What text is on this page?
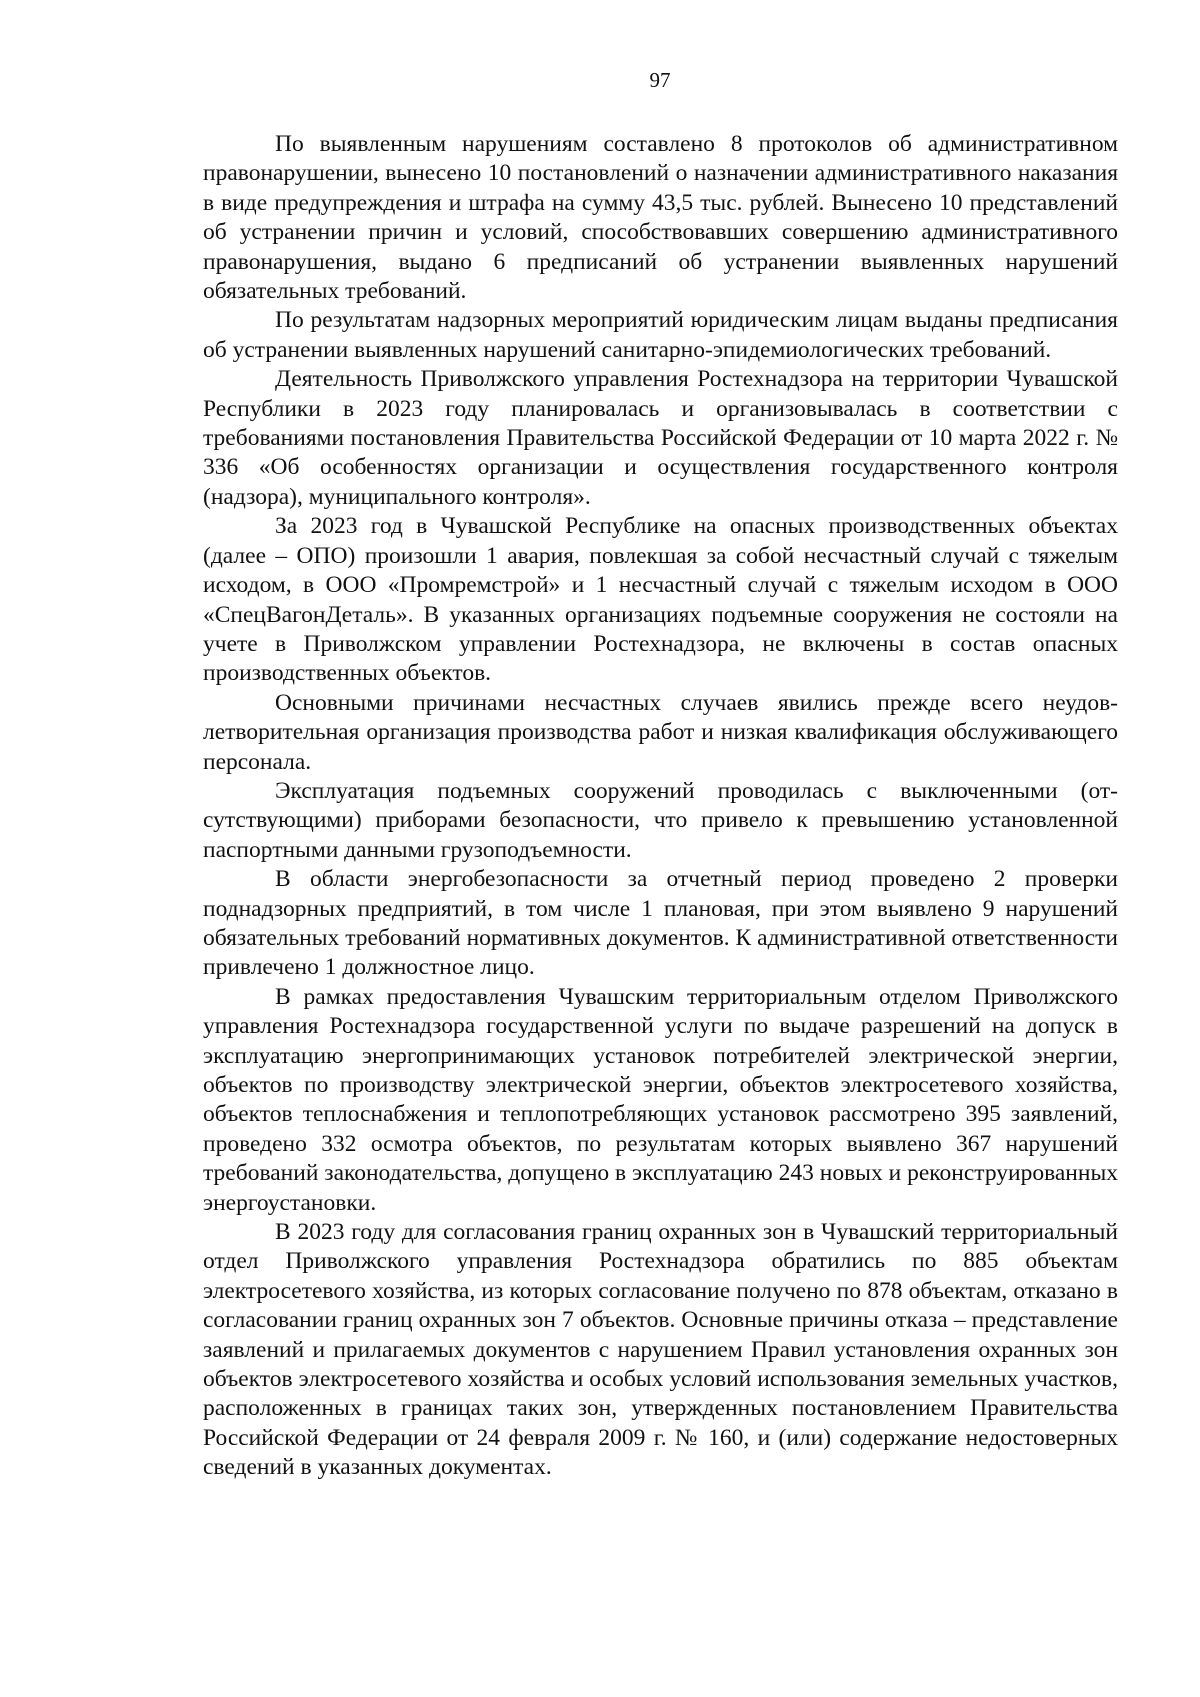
97

По выявленным нарушениям составлено 8 протоколов об административном правонарушении, вынесено 10 постановлений о назначении административного наказания в виде предупреждения и штрафа на сумму 43,5 тыс. рублей. Вынесено 10 представлений об устранении причин и условий, способствовавших совершению административного правонарушения, выдано 6 предписаний об устранении выявленных нарушений обязательных требований.

По результатам надзорных мероприятий юридическим лицам выданы предписания об устранении выявленных нарушений санитарно-эпидемиологических требований.

Деятельность Приволжского управления Ростехнадзора на территории Чувашской Республики в 2023 году планировалась и организовывалась в соответствии с требованиями постановления Правительства Российской Федерации от 10 марта 2022 г. № 336 «Об особенностях организации и осуществления государственного контроля (надзора), муниципального контроля».

За 2023 год в Чувашской Республике на опасных производственных объектах (далее – ОПО) произошли 1 авария, повлекшая за собой несчастный случай с тяжелым исходом, в ООО «Промремстрой» и 1 несчастный случай с тяжелым исходом в ООО «СпецВагонДеталь». В указанных организациях подъемные сооружения не состояли на учете в Приволжском управлении Ростехнадзора, не включены в состав опасных производственных объектов.

Основными причинами несчастных случаев явились прежде всего неудовлетворительная организация производства работ и низкая квалификация обслуживающего персонала.

Эксплуатация подъемных сооружений проводилась с выключенными (отсутствующими) приборами безопасности, что привело к превышению установленной паспортными данными грузоподъемности.

В области энергобезопасности за отчетный период проведено 2 проверки поднадзорных предприятий, в том числе 1 плановая, при этом выявлено 9 нарушений обязательных требований нормативных документов. К административной ответственности привлечено 1 должностное лицо.

В рамках предоставления Чувашским территориальным отделом Приволжского управления Ростехнадзора государственной услуги по выдаче разрешений на допуск в эксплуатацию энергопринимающих установок потребителей электрической энергии, объектов по производству электрической энергии, объектов электросетевого хозяйства, объектов теплоснабжения и теплопотребляющих установок рассмотрено 395 заявлений, проведено 332 осмотра объектов, по результатам которых выявлено 367 нарушений требований законодательства, допущено в эксплуатацию 243 новых и реконструированных энергоустановки.

В 2023 году для согласования границ охранных зон в Чувашский территориальный отдел Приволжского управления Ростехнадзора обратились по 885 объектам электросетевого хозяйства, из которых согласование получено по 878 объектам, отказано в согласовании границ охранных зон 7 объектов. Основные причины отказа – представление заявлений и прилагаемых документов с нарушением Правил установления охранных зон объектов электросетевого хозяйства и особых условий использования земельных участков, расположенных в границах таких зон, утвержденных постановлением Правительства Российской Федерации от 24 февраля 2009 г. № 160, и (или) содержание недостоверных сведений в указанных документах.
